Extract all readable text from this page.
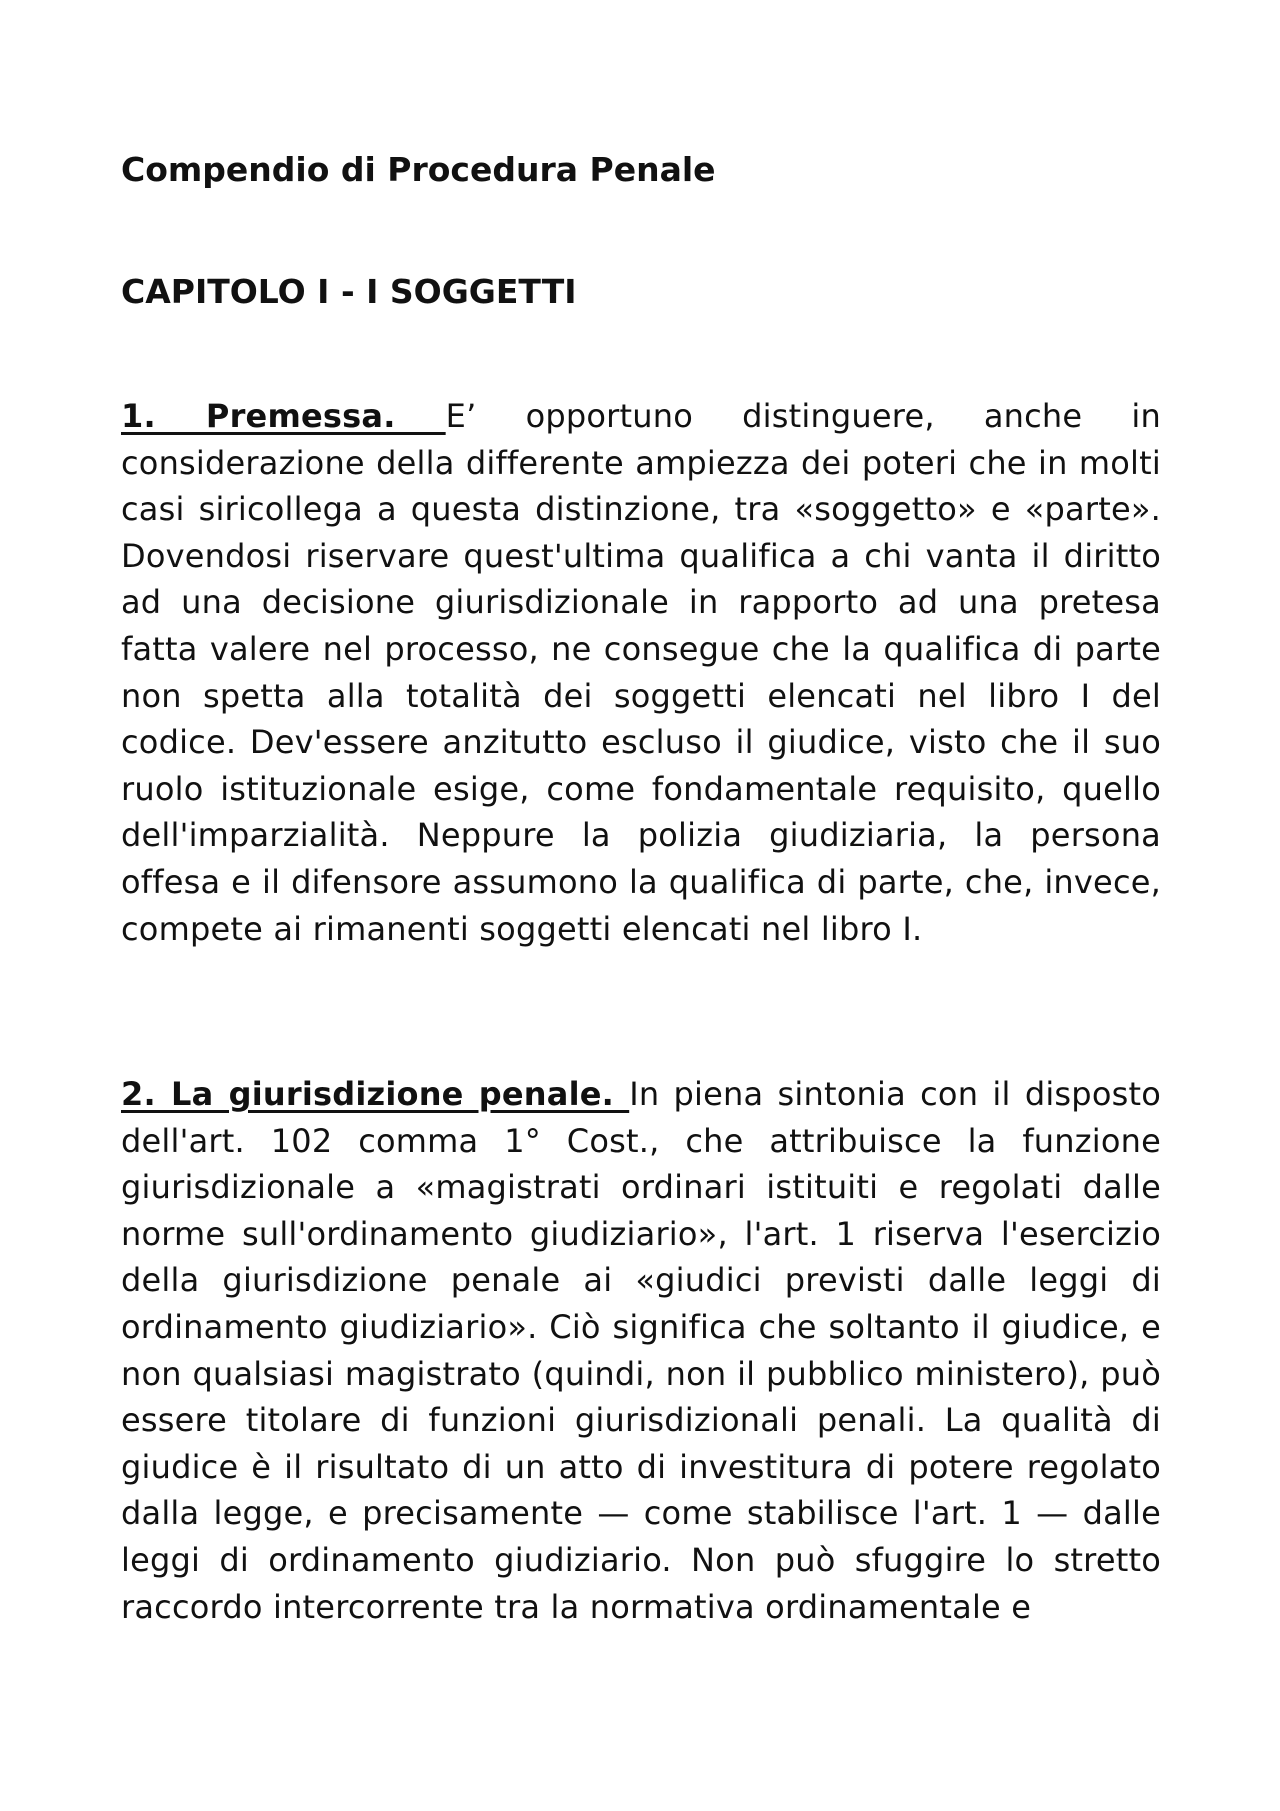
Compendio di Procedura Penale
CAPITOLO I - I SOGGETTI

1. Premessa. E’ opportuno distinguere, anche in considerazione della differente ampiezza dei poteri che in molti casi siricollega a questa distinzione, tra «soggetto» e «parte». Dovendosi riservare quest'ultima qualifica a chi vanta il diritto ad una decisione giurisdizionale in rapporto ad una pretesa fatta valere nel processo, ne consegue che la qualifica di parte non spetta alla totalità dei soggetti elencati nel libro I del codice. Dev'essere anzitutto escluso il giudice, visto che il suo ruolo istituzionale esige, come fondamentale requisito, quello dell'imparzialità. Neppure la polizia giudiziaria, la persona offesa e il difensore assumono la qualifica di parte, che, invece, compete ai rimanenti soggetti elencati nel libro I.

2. La giurisdizione penale. In piena sintonia con il disposto dell'art. 102 comma 1° Cost., che attribuisce la funzione giurisdizionale a «magistrati ordinari istituiti e regolati dalle norme sull'ordinamento giudiziario», l'art. 1 riserva l'esercizio della giurisdizione penale ai «giudici previsti dalle leggi di ordinamento giudiziario». Ciò significa che soltanto il giudice, e non qualsiasi magistrato (quindi, non il pubblico ministero), può essere titolare di funzioni giurisdizionali penali. La qualità di giudice è il risultato di un atto di investitura di potere regolato dalla legge, e precisamente — come stabilisce l'art. 1 — dalle leggi di ordinamento giudiziario. Non può sfuggire lo stretto raccordo intercorrente tra la normativa ordinamentale e
